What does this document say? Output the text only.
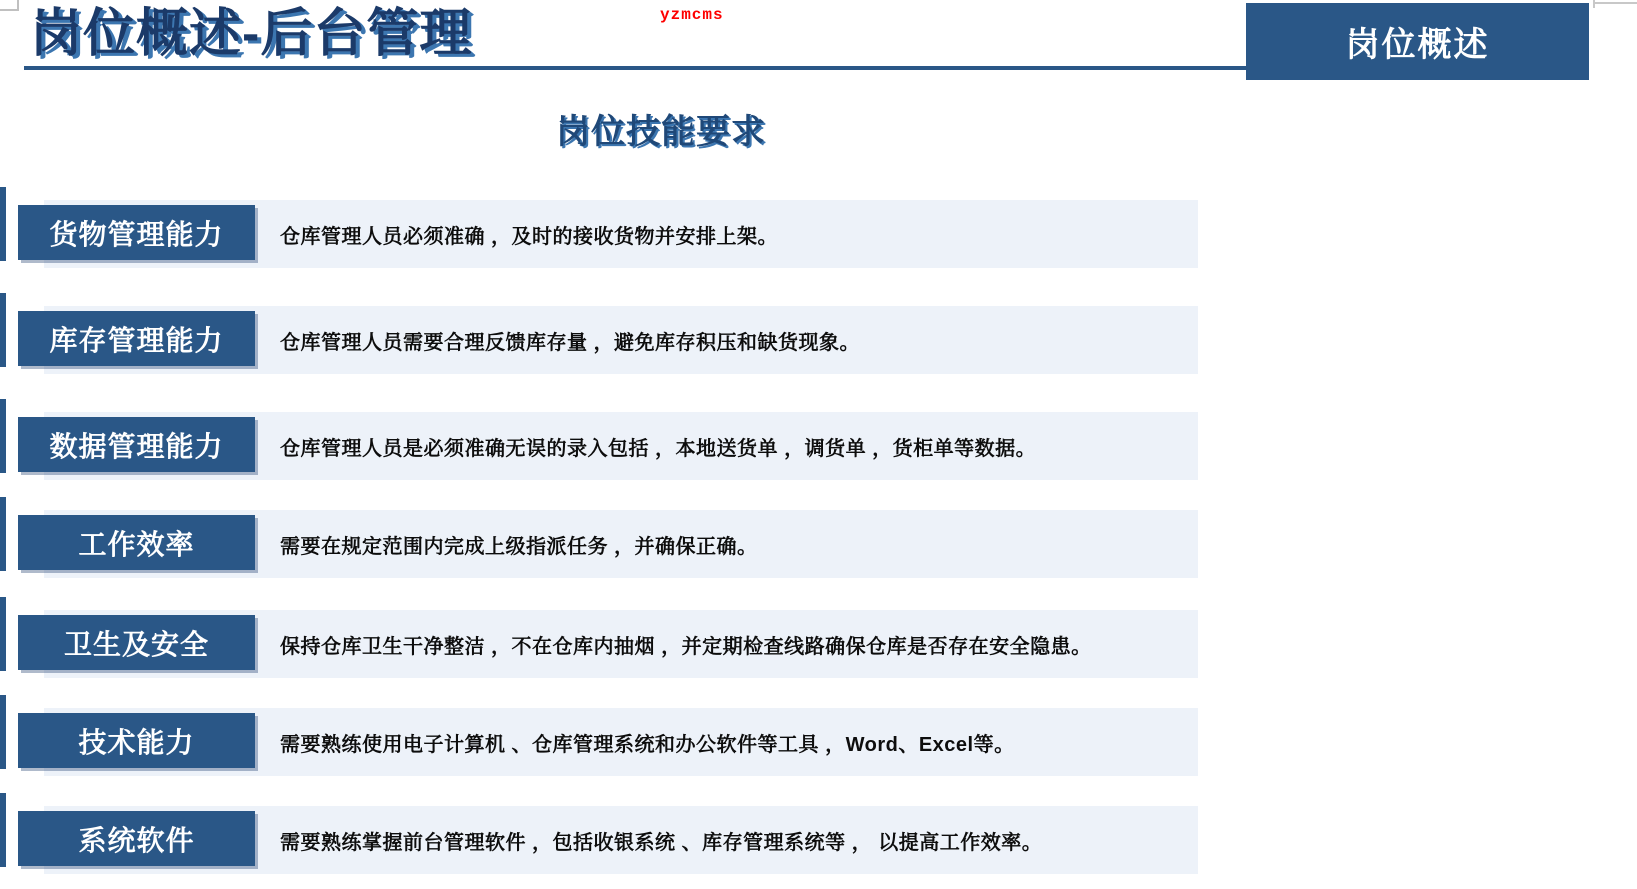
岗位概述-后台管理	岗位概述
yzmcms
岗位技能要求
货物管理能力	仓库管理人员必须准确 ，及时的接收货物并安排上架。
库存管理能力	仓库管理人员需要合理反馈库存量 ，避免库存积压和缺货现象。
数据管理能力	仓库管理人员是必须准确无误的录入包括 ，本地送货单 ，调货单 ，货柜单等数据。
工作效率	需要在规定范围内完成上级指派任务 ，并确保正确。
卫生及安全	保持仓库卫生干净整洁 ，不在仓库内抽烟 ，并定期检查线路确保仓库是否存在安全隐患。
技术能力	需要熟练使用电子计算机 、仓库管理系统和办公软件等工具 ，Word、Excel等。
系统软件	需要熟练掌握前台管理软件 ，包括收银系统 、库存管理系统等 ， 以提高工作效率。
